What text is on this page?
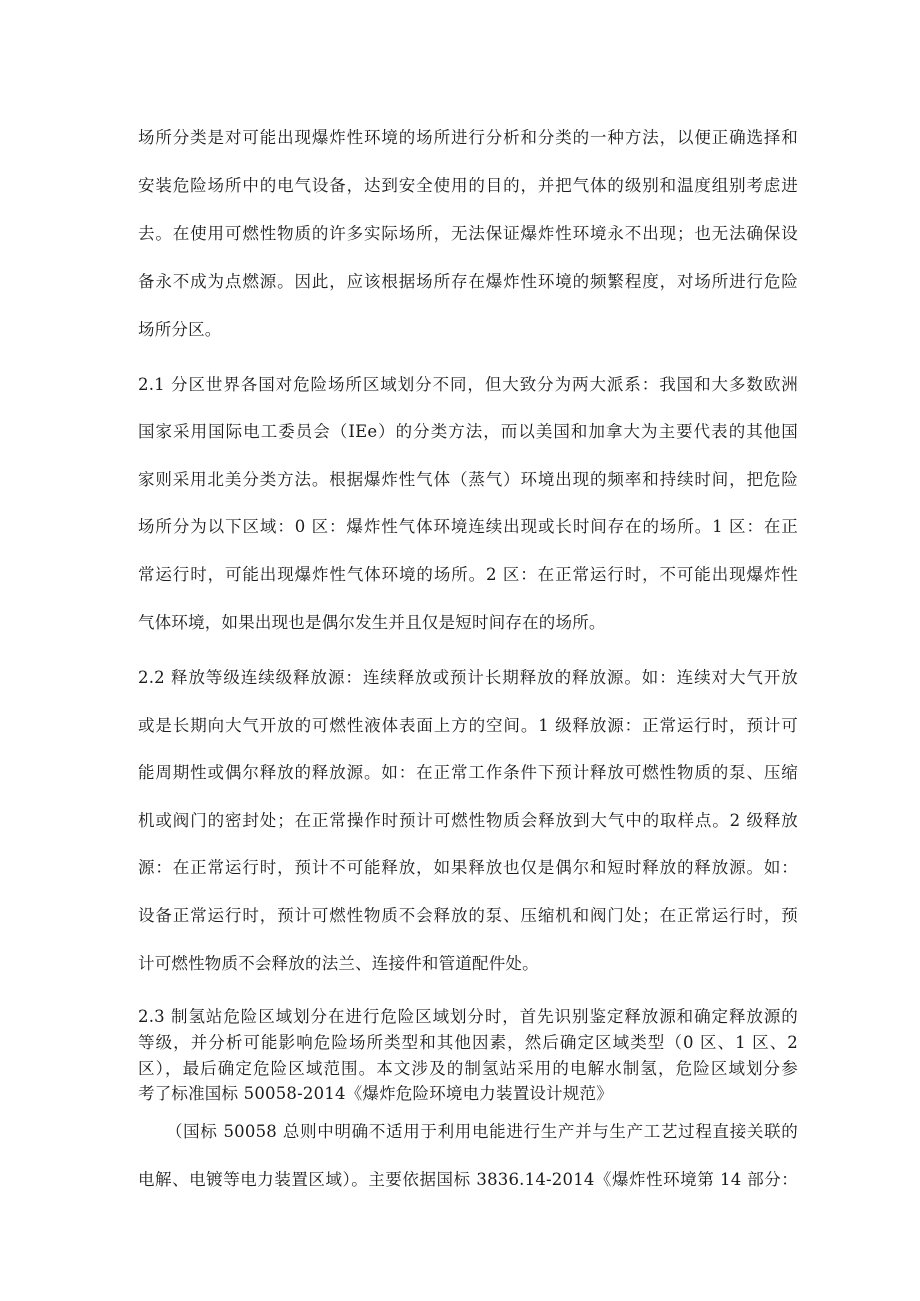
场所分类是对可能出现爆炸性环境的场所进行分析和分类的一种方法，以便正确选择和

安装危险场所中的电气设备，达到安全使用的目的，并把气体的级别和温度组别考虑进

去。在使用可燃性物质的许多实际场所，无法保证爆炸性环境永不出现；也无法确保设

备永不成为点燃源。因此，应该根据场所存在爆炸性环境的频繁程度，对场所进行危险

场所分区。

2.1 分区世界各国对危险场所区域划分不同，但大致分为两大派系：我国和大多数欧洲

国家采用国际电工委员会（IEe）的分类方法，而以美国和加拿大为主要代表的其他国

家则采用北美分类方法。根据爆炸性气体（蒸气）环境出现的频率和持续时间，把危险

场所分为以下区域：0 区：爆炸性气体环境连续出现或长时间存在的场所。1 区：在正

常运行时，可能出现爆炸性气体环境的场所。2 区：在正常运行时，不可能出现爆炸性

气体环境，如果出现也是偶尔发生并且仅是短时间存在的场所。

2.2 释放等级连续级释放源：连续释放或预计长期释放的释放源。如：连续对大气开放

或是长期向大气开放的可燃性液体表面上方的空间。1 级释放源：正常运行时，预计可

能周期性或偶尔释放的释放源。如：在正常工作条件下预计释放可燃性物质的泵、压缩

机或阀门的密封处；在正常操作时预计可燃性物质会释放到大气中的取样点。2 级释放

源：在正常运行时，预计不可能释放，如果释放也仅是偶尔和短时释放的释放源。如：

设备正常运行时，预计可燃性物质不会释放的泵、压缩机和阀门处；在正常运行时，预

计可燃性物质不会释放的法兰、连接件和管道配件处。

2.3 制氢站危险区域划分在进行危险区域划分时，首先识别鉴定释放源和确定释放源的

等级，并分析可能影响危险场所类型和其他因素，然后确定区域类型（0 区、1 区、2

区），最后确定危险区域范围。本文涉及的制氢站采用的电解水制氢，危险区域划分参

考了标准国标 50058-2014《爆炸危险环境电力装置设计规范》

（国标 50058 总则中明确不适用于利用电能进行生产并与生产工艺过程直接关联的

电解、电镀等电力装置区域）。主要依据国标 3836.14-2014《爆炸性环境第 14 部分：
